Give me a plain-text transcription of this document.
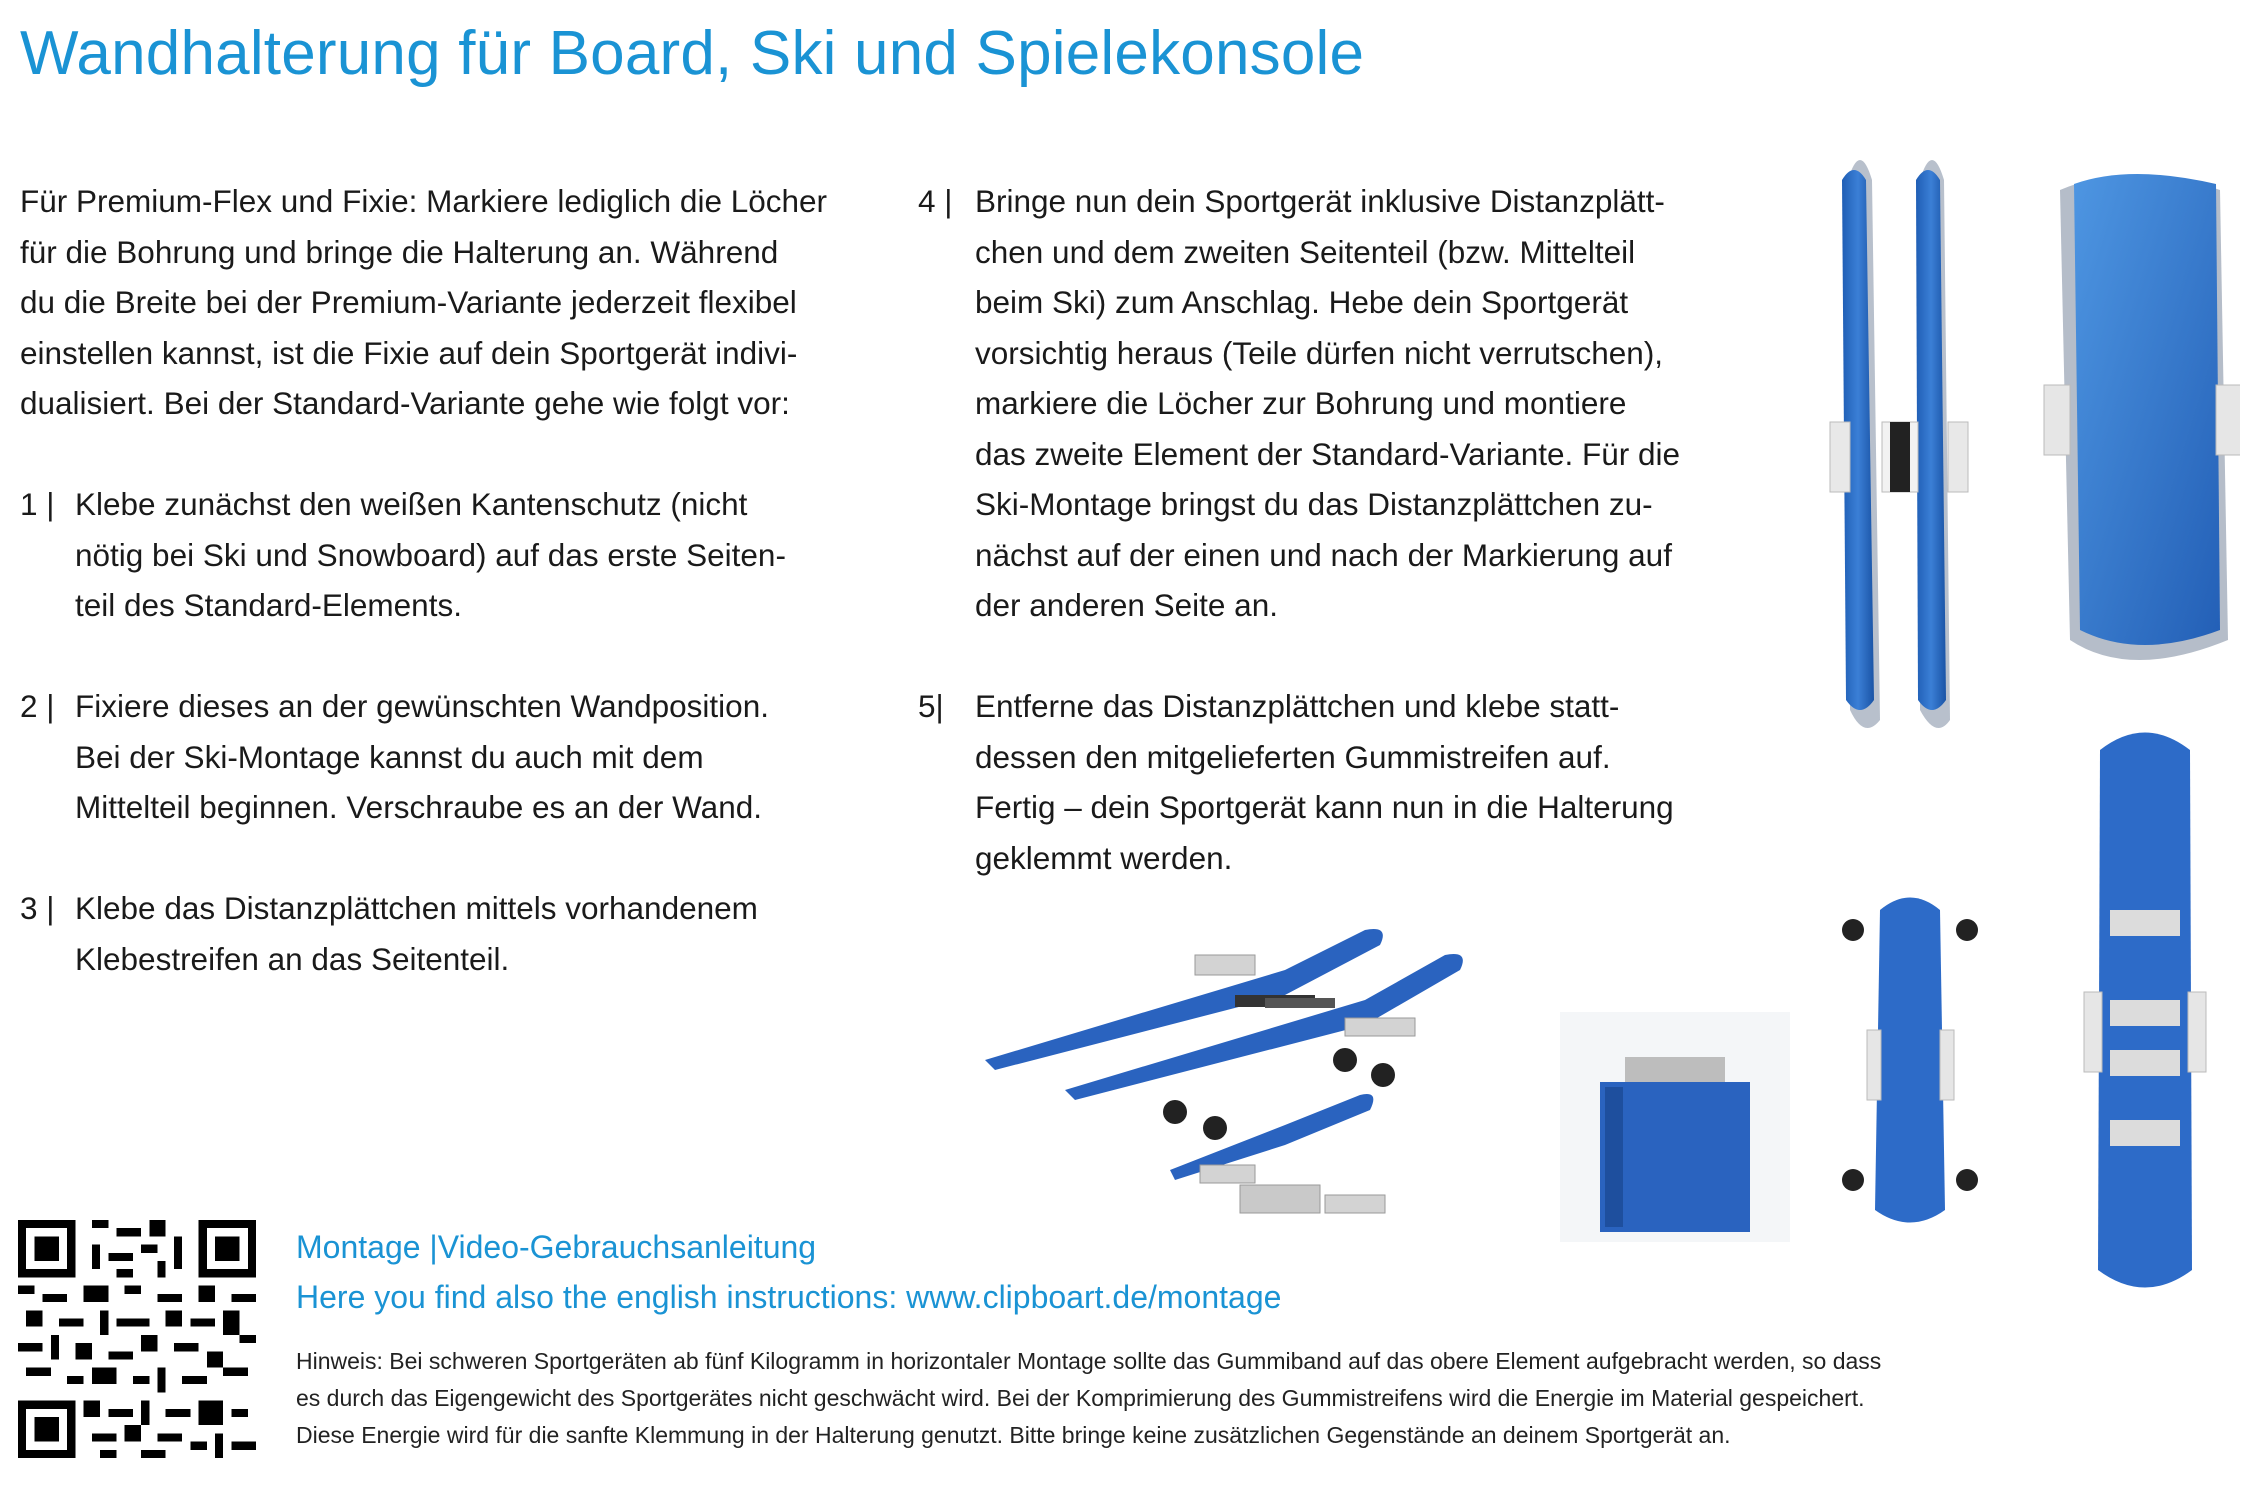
Wandhalterung für Board, Ski und Spielekonsole
Für Premium-Flex und Fixie: Markiere lediglich die Löcher
für die Bohrung und bringe die Halterung an. Während
du die Breite bei der Premium-Variante jederzeit flexibel
einstellen kannst, ist die Fixie auf dein Sportgerät indivi-
dualisiert. Bei der Standard-Variante gehe wie folgt vor:
1 | Klebe zunächst den weißen Kantenschutz (nicht
nötig bei Ski und Snowboard) auf das erste Seiten-
teil des Standard-Elements.
2 | Fixiere dieses an der gewünschten Wandposition.
Bei der Ski-Montage kannst du auch mit dem
Mittelteil beginnen. Verschraube es an der Wand.
3 | Klebe das Distanzplättchen mittels vorhandenem
Klebestreifen an das Seitenteil.
4 | Bringe nun dein Sportgerät inklusive Distanzplätt-
chen und dem zweiten Seitenteil (bzw. Mittelteil
beim Ski) zum Anschlag. Hebe dein Sportgerät
vorsichtig heraus (Teile dürfen nicht verrutschen),
markiere die Löcher zur Bohrung und montiere
das zweite Element der Standard-Variante. Für die
Ski-Montage bringst du das Distanzplättchen zu-
nächst auf der einen und nach der Markierung auf
der anderen Seite an.
5| Entferne das Distanzplättchen und klebe statt-
dessen den mitgelieferten Gummistreifen auf.
Fertig – dein Sportgerät kann nun in die Halterung
geklemmt werden.
Montage |Video-Gebrauchsanleitung
Here you find also the english instructions: www.clipboart.de/montage
Hinweis: Bei schweren Sportgeräten ab fünf Kilogramm in horizontaler Montage sollte das Gummiband auf das obere Element aufgebracht werden, so dass
es durch das Eigengewicht des Sportgerätes nicht geschwächt wird. Bei der Komprimierung des Gummistreifens wird die Energie im Material gespeichert.
Diese Energie wird für die sanfte Klemmung in der Halterung genutzt. Bitte bringe keine zusätzlichen Gegenstände an deinem Sportgerät an.
